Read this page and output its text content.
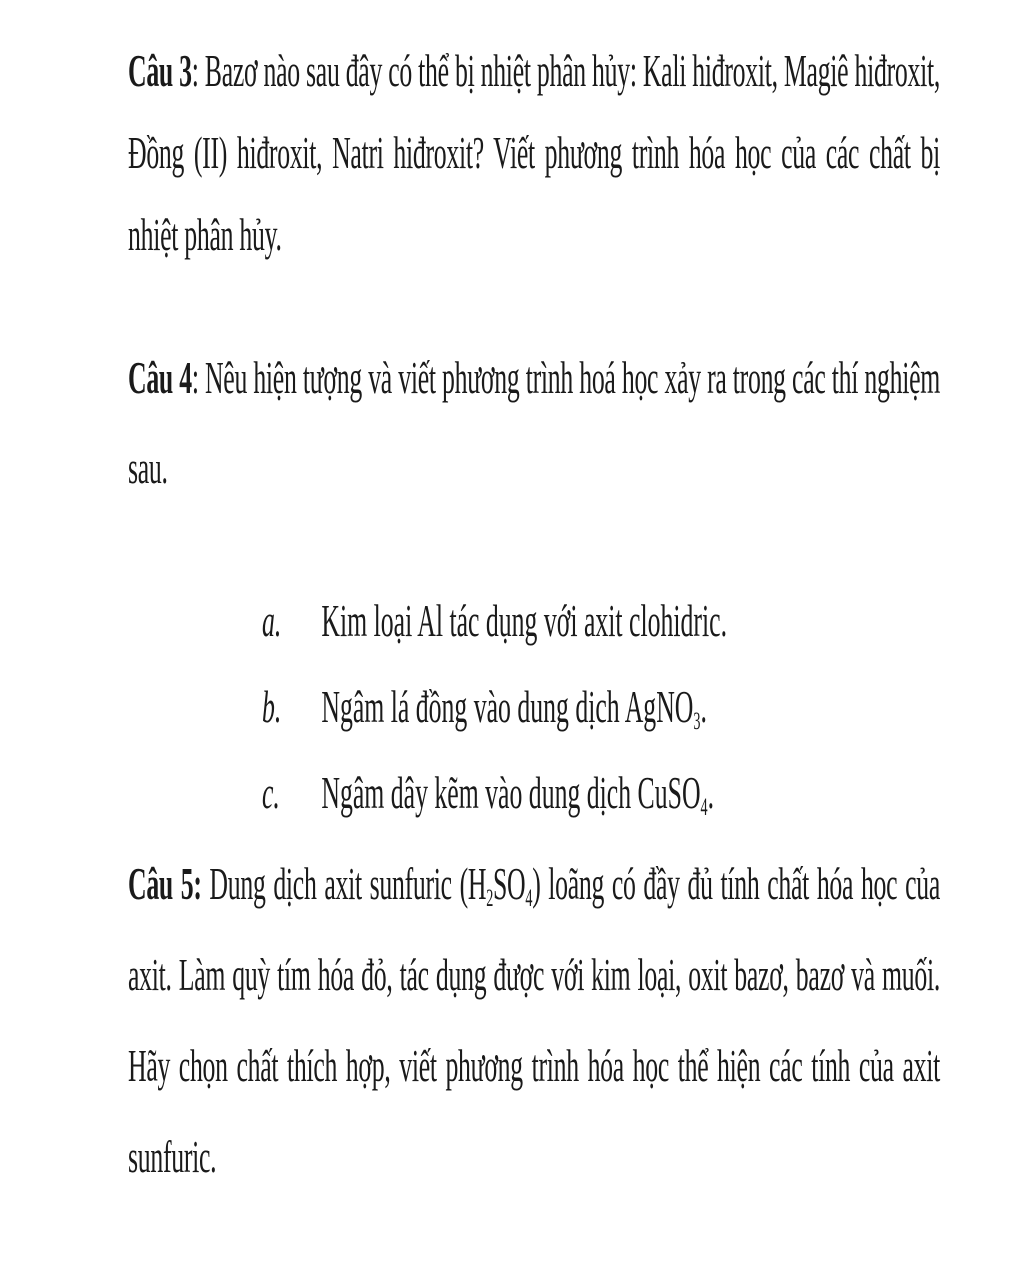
Câu 3: Bazơ nào sau đây có thể bị nhiệt phân hủy: Kali hiđroxit, Magiê hiđroxit, Đồng (II) hiđroxit, Natri hiđroxit? Viết phương trình hóa học của các chất bị nhiệt phân hủy.
Câu 4: Nêu hiện tượng và viết phương trình hoá học xảy ra trong các thí nghiệm sau.
a. Kim loại Al tác dụng với axit clohidric.
b. Ngâm lá đồng vào dung dịch AgNO$_3$.
c. Ngâm dây kẽm vào dung dịch CuSO$_4$.
Câu 5: Dung dịch axit sunfuric $(H_2SO_4)$ loãng có đầy đủ tính chất hóa học của axit. Làm quỳ tím hóa đỏ, tác dụng được với kim loại, oxit bazơ, bazơ và muối. Hãy chọn chất thích hợp, viết phương trình hóa học thể hiện các tính của axit sunfuric.
